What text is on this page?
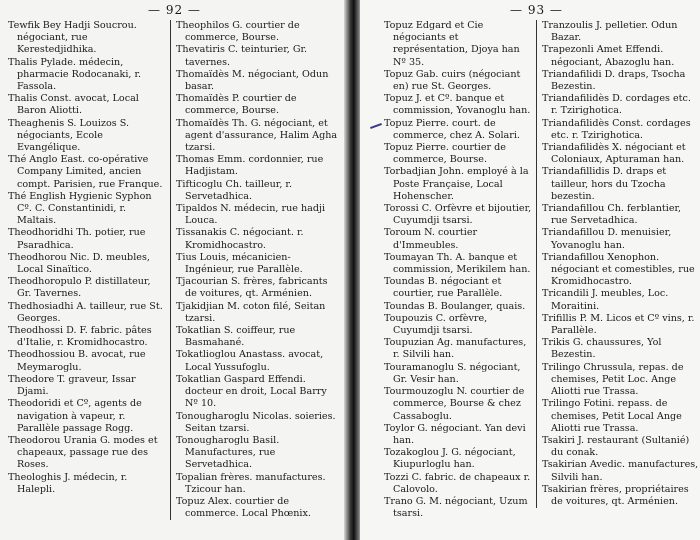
— 92 —

Tewfik Bey Hadji Soucrou. négociant, rue Kerestedjidhika.

Thalis Pylade. médecin, pharmacie Rodocanaki, r. Fassola.

Thalis Const. avocat, Local Baron Aliotti.

Theaghenis S. Louizos S. négociants, Ecole Evangélique.

Thé Anglo East. co-opérative Company Limited, ancien compt. Parisien, rue Franque.

Thé English Hygienic Syphon Cº. C. Constantinidi, r. Maltais.

Theodhoridhi Th. potier, rue Psaradhica.

Theodhorou Nic. D. meubles, Local Sinaïtico.

Theodhoropulo P. distillateur, Gr. Tavernes.

Thedhosiadhi A. tailleur, rue St. Georges.

Theodhossi D. F. fabric. pâtes d'Italie, r. Kromidhocastro.

Theodhossiou B. avocat, rue Meymaroglu.

Theodore T. graveur, Issar Djami.

Theodoridi et Cº, agents de navigation à vapeur, r. Parallèle passage Rogg.

Theodorou Urania G. modes et chapeaux, passage rue des Roses.

Theologhis J. médecin, r. Halepli.

Theophilos G. courtier de commerce, Bourse.

Thevatiris C. teinturier, Gr. tavernes.

Thomaïdès M. négociant, Odun basar.

Thomaïdès P. courtier de commerce, Bourse.

Thomaïdès Th. G. négociant, et agent d'assurance, Halim Agha tzarsi.

Thomas Emm. cordonnier, rue Hadjistam.

Tifticoglu Ch. tailleur, r. Servetadhica.

Tipaldos N. médecin, rue hadji Louca.

Tissanakis C. négociant. r. Kromidhocastro.

Tius Louis, mécanicien-Ingénieur, rue Parallèle.

Tjacourian S. frères, fabricants de voitures, qt. Arménien.

Tjakidjian M. coton filé, Seitan tzarsi.

Tokatlian S. coiffeur, rue Basmahané.

Tokatlioglou Anastass. avocat, Local Yussufoglu.

Tokatlian Gaspard Effendi. docteur en droit, Local Barry Nº 10.

Tonougharoglu Nicolas. soieries. Seitan tzarsi.

Tonougharoglu Basil. Manufactures, rue Servetadhica.

Topalian frères. manufactures. Tzicour han.

Topuz Alex. courtier de commerce. Local Phœnix.

— 93 —

Topuz Edgard et Cie négociants et représentation, Djoya han Nº 35.

Topuz Gab. cuirs (négociant en) rue St. Georges.

Topuz J. et Cº. banque et commission, Yovanoglu han.

Topuz Pierre. court. de commerce, chez A. Solari.

Topuz Pierre. courtier de commerce, Bourse.

Torbadjian John. employé à la Poste Française, Local Hohenscher.

Torossi C. Orfèvre et bijoutier, Cuyumdji tsarsi.

Toroum N. courtier d'Immeubles.

Toumayan Th. A. banque et commission, Merikilem han.

Toundas B. négociant et courtier, rue Parallèle.

Toundas B. Boulanger, quais.

Toupouzis C. orfèvre, Cuyumdji tsarsi.

Toupuzian Ag. manufactures, r. Silvili han.

Touramanoglu S. négociant, Gr. Vesir han.

Tourmouzoglu N. courtier de commerce, Bourse & chez Cassaboglu.

Toylor G. négociant. Yan devi han.

Tozakoglou J. G. négociant, Kiupurloglu han.

Tozzi C. fabric. de chapeaux r. Calovolo.

Trano G. M. négociant, Uzum tsarsi.

Tranzoulis J. pelletier. Odun Bazar.

Trapezonli Amet Effendi. négociant, Abazoglu han.

Triandafilidi D. draps, Tsocha Bezestin.

Triandafilidès D. cordages etc. r. Tzirighotica.

Triandafilidès Const. cordages etc. r. Tzirighotica.

Triandafilidès X. négociant et Coloniaux, Apturaman han.

Triandafillidis D. draps et tailleur, hors du Tzocha bezestin.

Triandafillou Ch. ferblantier, rue Servetadhica.

Triandafillou D. menuisier, Yovanoglu han.

Triandafillou Xenophon. négociant et comestibles, rue Kromidhocastro.

Tricandili J. meubles, Loc. Moraitini.

Trifillis P. M. Licos et Cº vins, r. Parallèle.

Trikis G. chaussures, Yol Bezestin.

Trilingo Chrussula, repas. de chemises, Petit Loc. Ange Aliotti rue Trassa.

Trilingo Fotini. repass. de chemises, Petit Local Ange Aliotti rue Trassa.

Tsakiri J. restaurant (Sultanié) du conak.

Tsakirian Avedic. manufactures, Silvili han.

Tsakirian frères, propriétaires de voitures, qt. Arménien.
